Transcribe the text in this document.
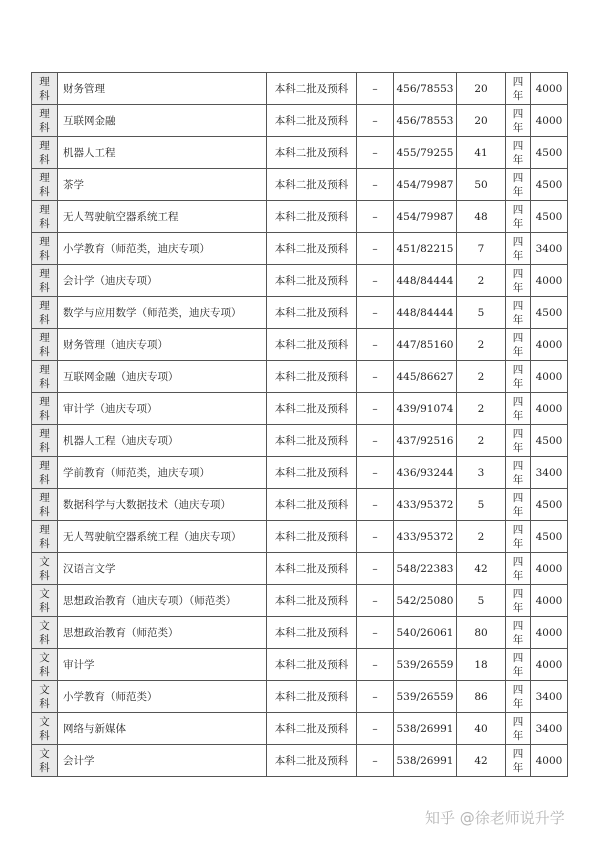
理科	财务管理	本科二批及预科	–	456/78553	20	四年	4000

理科	互联网金融	本科二批及预科	–	456/78553	20	四年	4000

理科	机器人工程	本科二批及预科	–	455/79255	41	四年	4500

理科	茶学	本科二批及预科	–	454/79987	50	四年	4500

理科	无人驾驶航空器系统工程	本科二批及预科	–	454/79987	48	四年	4500

理科	小学教育（师范类，迪庆专项）	本科二批及预科	–	451/82215	7	四年	3400

理科	会计学（迪庆专项）	本科二批及预科	–	448/84444	2	四年	4000

理科	数学与应用数学（师范类，迪庆专项）	本科二批及预科	–	448/84444	5	四年	4500

理科	财务管理（迪庆专项）	本科二批及预科	–	447/85160	2	四年	4000

理科	互联网金融（迪庆专项）	本科二批及预科	–	445/86627	2	四年	4000

理科	审计学（迪庆专项）	本科二批及预科	–	439/91074	2	四年	4000

理科	机器人工程（迪庆专项）	本科二批及预科	–	437/92516	2	四年	4500

理科	学前教育（师范类，迪庆专项）	本科二批及预科	–	436/93244	3	四年	3400

理科	数据科学与大数据技术（迪庆专项）	本科二批及预科	–	433/95372	5	四年	4500

理科	无人驾驶航空器系统工程（迪庆专项）	本科二批及预科	–	433/95372	2	四年	4500

文科	汉语言文学	本科二批及预科	–	548/22383	42	四年	4000

文科	思想政治教育（迪庆专项）（师范类）	本科二批及预科	–	542/25080	5	四年	4000

文科	思想政治教育（师范类）	本科二批及预科	–	540/26061	80	四年	4000

文科	审计学	本科二批及预科	–	539/26559	18	四年	4000

文科	小学教育（师范类）	本科二批及预科	–	539/26559	86	四年	3400

文科	网络与新媒体	本科二批及预科	–	538/26991	40	四年	3400

文科	会计学	本科二批及预科	–	538/26991	42	四年	4000
知乎 @徐老师说升学
